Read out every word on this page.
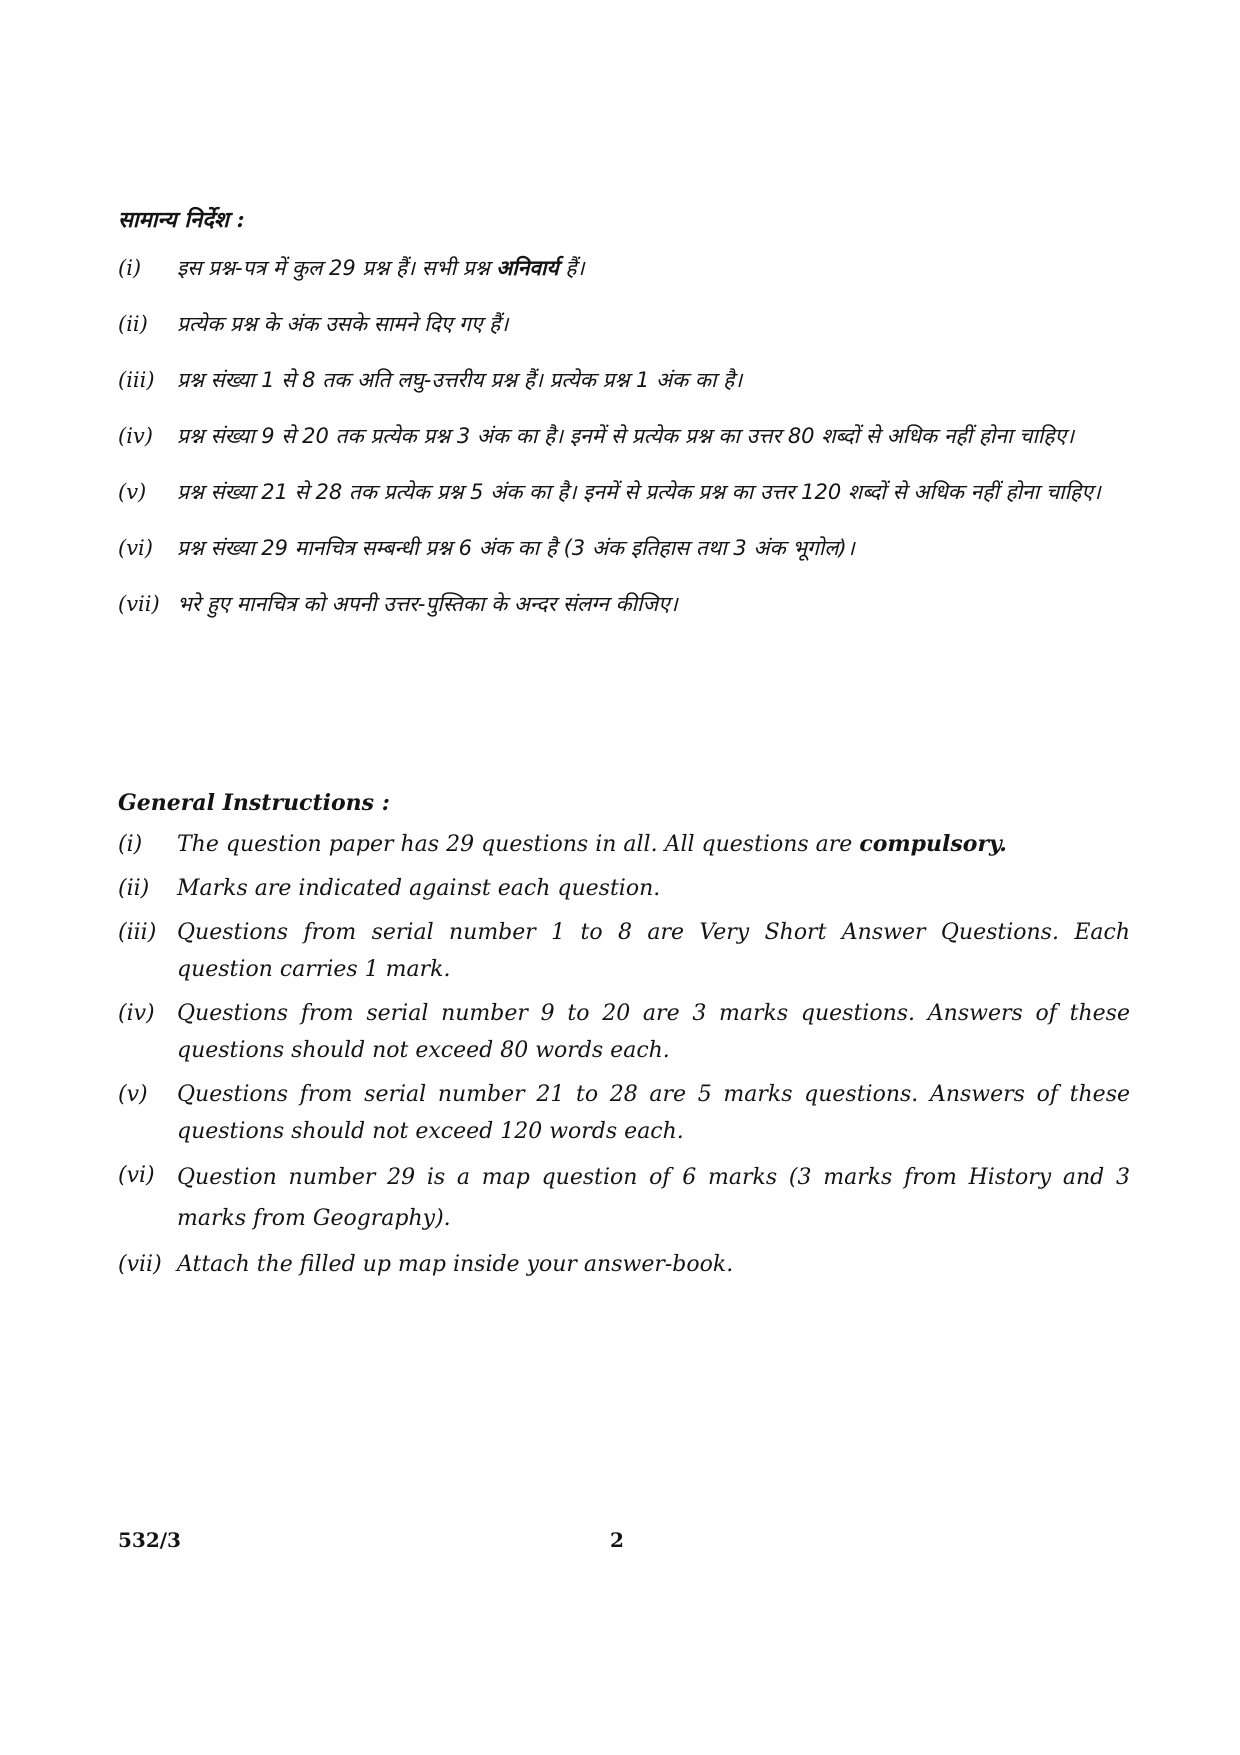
सामान्य निर्देश :
(i) इस प्रश्न-पत्र में कुल 29 प्रश्न हैं। सभी प्रश्न अनिवार्य हैं।
(ii) प्रत्येक प्रश्न के अंक उसके सामने दिए गए हैं।
(iii) प्रश्न संख्या 1 से 8 तक अति लघु-उत्तरीय प्रश्न हैं। प्रत्येक प्रश्न 1 अंक का है।
(iv) प्रश्न संख्या 9 से 20 तक प्रत्येक प्रश्न 3 अंक का है। इनमें से प्रत्येक प्रश्न का उत्तर 80 शब्दों से अधिक नहीं होना चाहिए।
(v) प्रश्न संख्या 21 से 28 तक प्रत्येक प्रश्न 5 अंक का है। इनमें से प्रत्येक प्रश्न का उत्तर 120 शब्दों से अधिक नहीं होना चाहिए।
(vi) प्रश्न संख्या 29 मानचित्र सम्बन्धी प्रश्न 6 अंक का है (3 अंक इतिहास तथा 3 अंक भूगोल)।
(vii) भरे हुए मानचित्र को अपनी उत्तर-पुस्तिका के अन्दर संलग्न कीजिए।
General Instructions :
(i) The question paper has 29 questions in all. All questions are compulsory.
(ii) Marks are indicated against each question.
(iii) Questions from serial number 1 to 8 are Very Short Answer Questions. Each question carries 1 mark.
(iv) Questions from serial number 9 to 20 are 3 marks questions. Answers of these questions should not exceed 80 words each.
(v) Questions from serial number 21 to 28 are 5 marks questions. Answers of these questions should not exceed 120 words each.
(vi) Question number 29 is a map question of 6 marks (3 marks from History and 3 marks from Geography).
(vii) Attach the filled up map inside your answer-book.
532/3	2
